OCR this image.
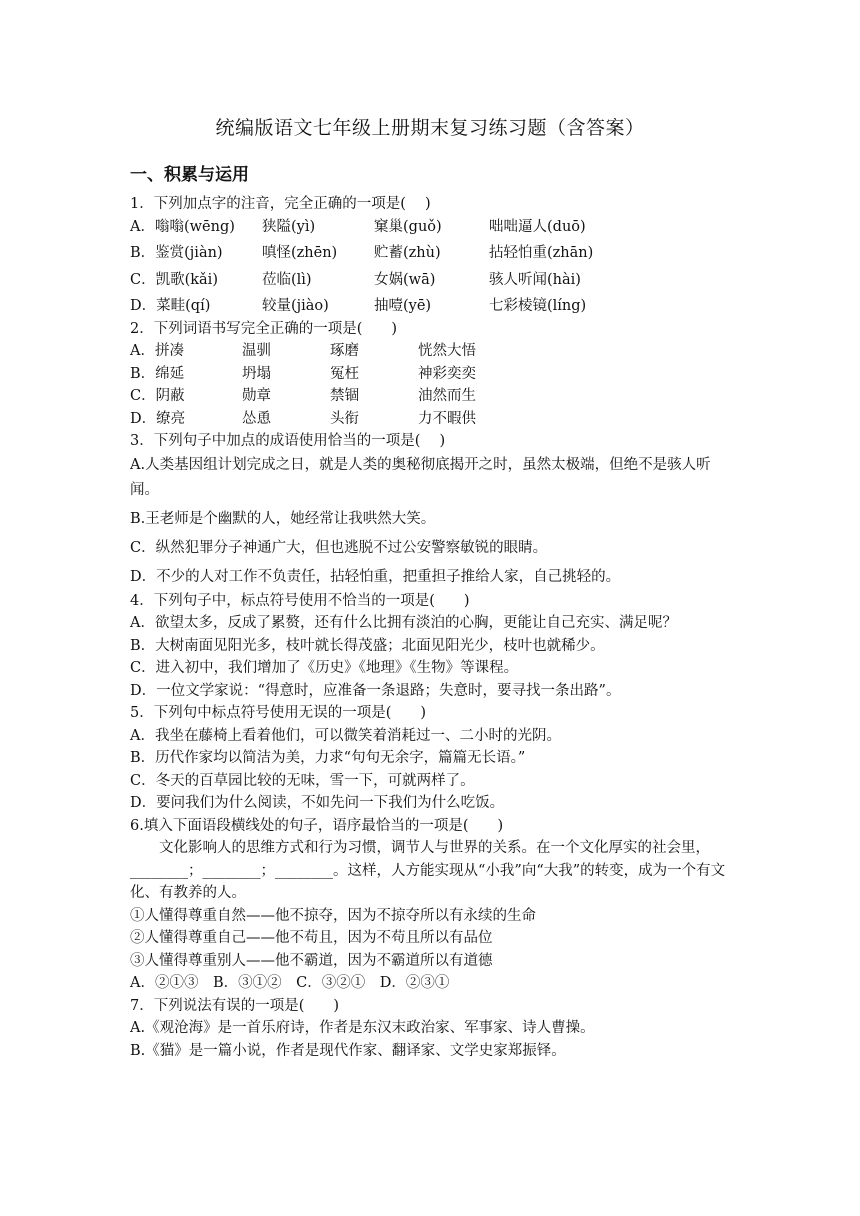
统编版语文七年级上册期末复习练习题（含答案）
一、积累与运用
1．下列加点字的注音，完全正确的一项是(　 )
A．嗡嗡(wēng)	狭隘(yì)	窠巢(guǒ)	咄咄逼人(duō)
B．鉴赏(jiàn)	嗔怪(zhēn)	贮蓄(zhù)	拈轻怕重(zhān)
C．凯歌(kǎi)	莅临(lì)	女娲(wā)	骇人听闻(hài)
D．菜畦(qí)	较量(jiào)	抽噎(yē)	七彩棱镜(líng)
2．下列词语书写完全正确的一项是(　　)
A．拼凑	温驯	琢磨	恍然大悟
B．绵延	坍塌	冤枉	神彩奕奕
C．阴蔽	勋章	禁锢	油然而生
D．缭亮	怂恿	头衔	力不暇供
3．下列句子中加点的成语使用恰当的一项是(　 )
A.人类基因组计划完成之日，就是人类的奥秘彻底揭开之时，虽然太极端，但绝不是骇人听闻。
B.王老师是个幽默的人，她经常让我哄然大笑。
C．纵然犯罪分子神通广大，但也逃脱不过公安警察敏锐的眼睛。
D．不少的人对工作不负责任，拈轻怕重，把重担子推给人家，自己挑轻的。
4．下列句子中，标点符号使用不恰当的一项是(　　)
A．欲望太多，反成了累赘，还有什么比拥有淡泊的心胸，更能让自己充实、满足呢？
B．大树南面见阳光多，枝叶就长得茂盛；北面见阳光少，枝叶也就稀少。
C．进入初中，我们增加了《历史》《地理》《生物》等课程。
D．一位文学家说：“得意时，应准备一条退路；失意时，要寻找一条出路”。
5．下列句中标点符号使用无误的一项是(　　)
A．我坐在藤椅上看着他们，可以微笑着消耗过一、二小时的光阴。
B．历代作家均以简洁为美，力求“句句无余字，篇篇无长语。”
C．冬天的百草园比较的无味，雪一下，可就两样了。
D．要问我们为什么阅读，不如先问一下我们为什么吃饭。
6.填入下面语段横线处的句子，语序最恰当的一项是(　　)
文化影响人的思维方式和行为习惯，调节人与世界的关系。在一个文化厚实的社会里，________；________；________。这样，人方能实现从“小我”向“大我”的转变，成为一个有文化、有教养的人。
①人懂得尊重自然——他不掠夺，因为不掠夺所以有永续的生命
②人懂得尊重自己——他不苟且，因为不苟且所以有品位
③人懂得尊重别人——他不霸道，因为不霸道所以有道德
A．②①③　B．③①②　C．③②①　D．②③①
7．下列说法有误的一项是(　　)
A.《观沧海》是一首乐府诗，作者是东汉末政治家、军事家、诗人曹操。
B.《猫》是一篇小说，作者是现代作家、翻译家、文学史家郑振铎。
